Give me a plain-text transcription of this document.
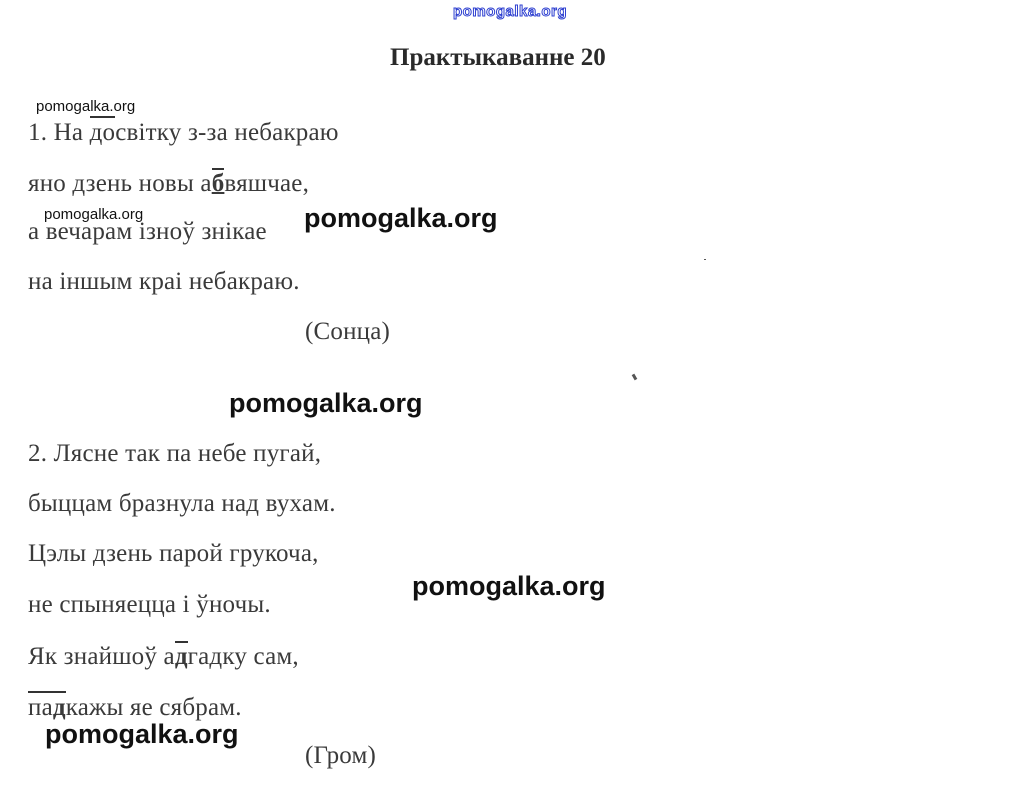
pomogalka.org
Практыкаванне 20
pomogalka.org
1. На досвітку з-за небакраю
яно дзень новы абвяшчае,
pomogalka.org
а вечарам ізноў знікае pomogalka.org
на іншым краі небакраю.
(Сонца)
pomogalka.org
2. Лясне так па небе пугай,
быццам бразнула над вухам.
Цэлы дзень парой грукоча,
не спыняецца і ўночы.
pomogalka.org
Як знайшоў адгадку сам,
падкажы яе сябрам.
pomogalka.org
(Гром)
